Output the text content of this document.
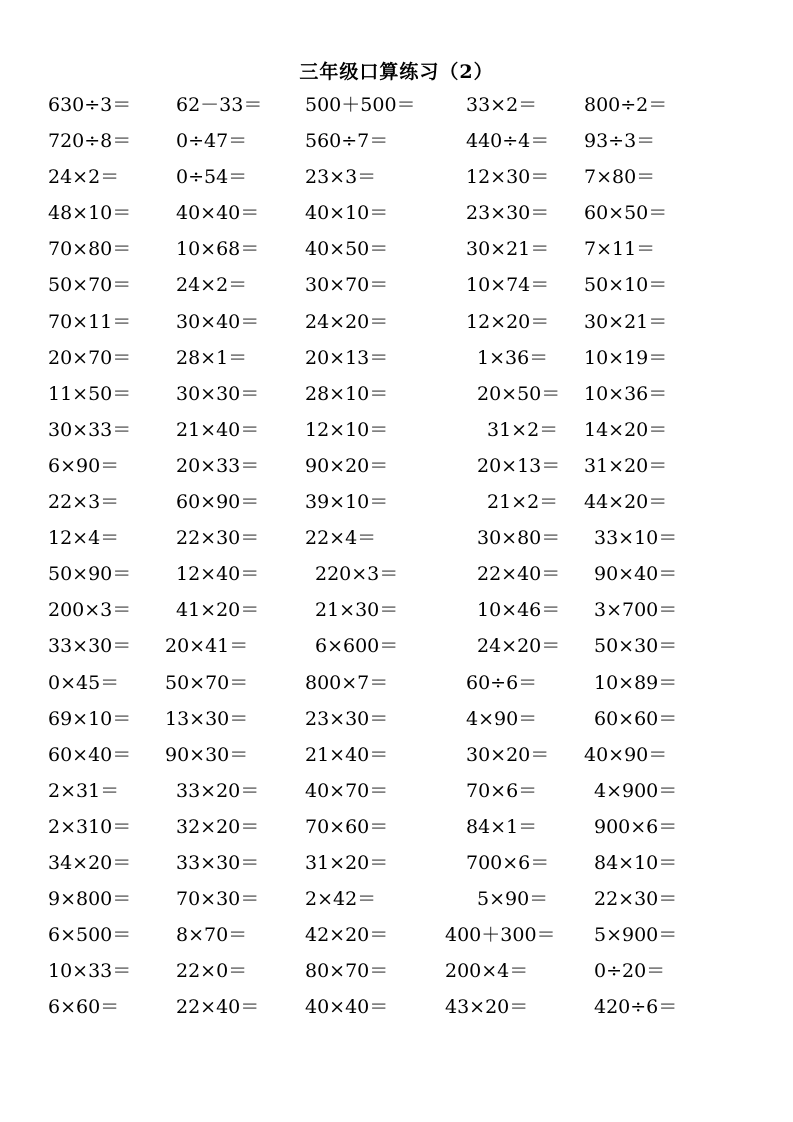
三年级口算练习（2）
630÷3＝ 62－33＝ 500＋500＝	33×2＝ 800÷2＝
720÷8＝ 0÷47＝	560÷7＝	440÷4＝ 93÷3＝
24×2＝	0÷54＝	23×3＝	12×30＝ 7×80＝
48×10＝ 40×40＝ 40×10＝	23×30＝ 60×50＝
70×80＝ 10×68＝ 40×50＝	30×21＝ 7×11＝
50×70＝ 24×2＝	30×70＝	10×74＝ 50×10＝
70×11＝ 30×40＝ 24×20＝	12×20＝ 30×21＝
20×70＝ 28×1＝	20×13＝	1×36＝ 10×19＝
11×50＝ 30×30＝ 28×10＝	20×50＝ 10×36＝
30×33＝ 21×40＝ 12×10＝	31×2＝ 14×20＝
6×90＝	20×33＝ 90×20＝	20×13＝ 31×20＝
22×3＝	60×90＝ 39×10＝	21×2＝ 44×20＝
12×4＝	22×30＝ 22×4＝	30×80＝ 33×10＝
50×90＝ 12×40＝	220×3＝	22×40＝ 90×40＝
200×3＝ 41×20＝	21×30＝	10×46＝ 3×700＝
33×30＝ 20×41＝	6×600＝	24×20＝ 50×30＝
0×45＝ 50×70＝	800×7＝	60÷6＝	10×89＝
69×10＝ 13×30＝	23×30＝	4×90＝	60×60＝
60×40＝ 90×30＝	21×40＝	30×20＝ 40×90＝
2×31＝	33×20＝ 40×70＝	70×6＝	4×900＝
2×310＝ 32×20＝ 70×60＝	84×1＝	900×6＝
34×20＝ 33×30＝ 31×20＝	700×6＝ 84×10＝
9×800＝ 70×30＝ 2×42＝	5×90＝ 22×30＝
6×500＝ 8×70＝	42×20＝	400＋300＝ 5×900＝
10×33＝ 22×0＝	80×70＝	200×4＝	0÷20＝
6×60＝	22×40＝ 40×40＝	43×20＝	420÷6＝
